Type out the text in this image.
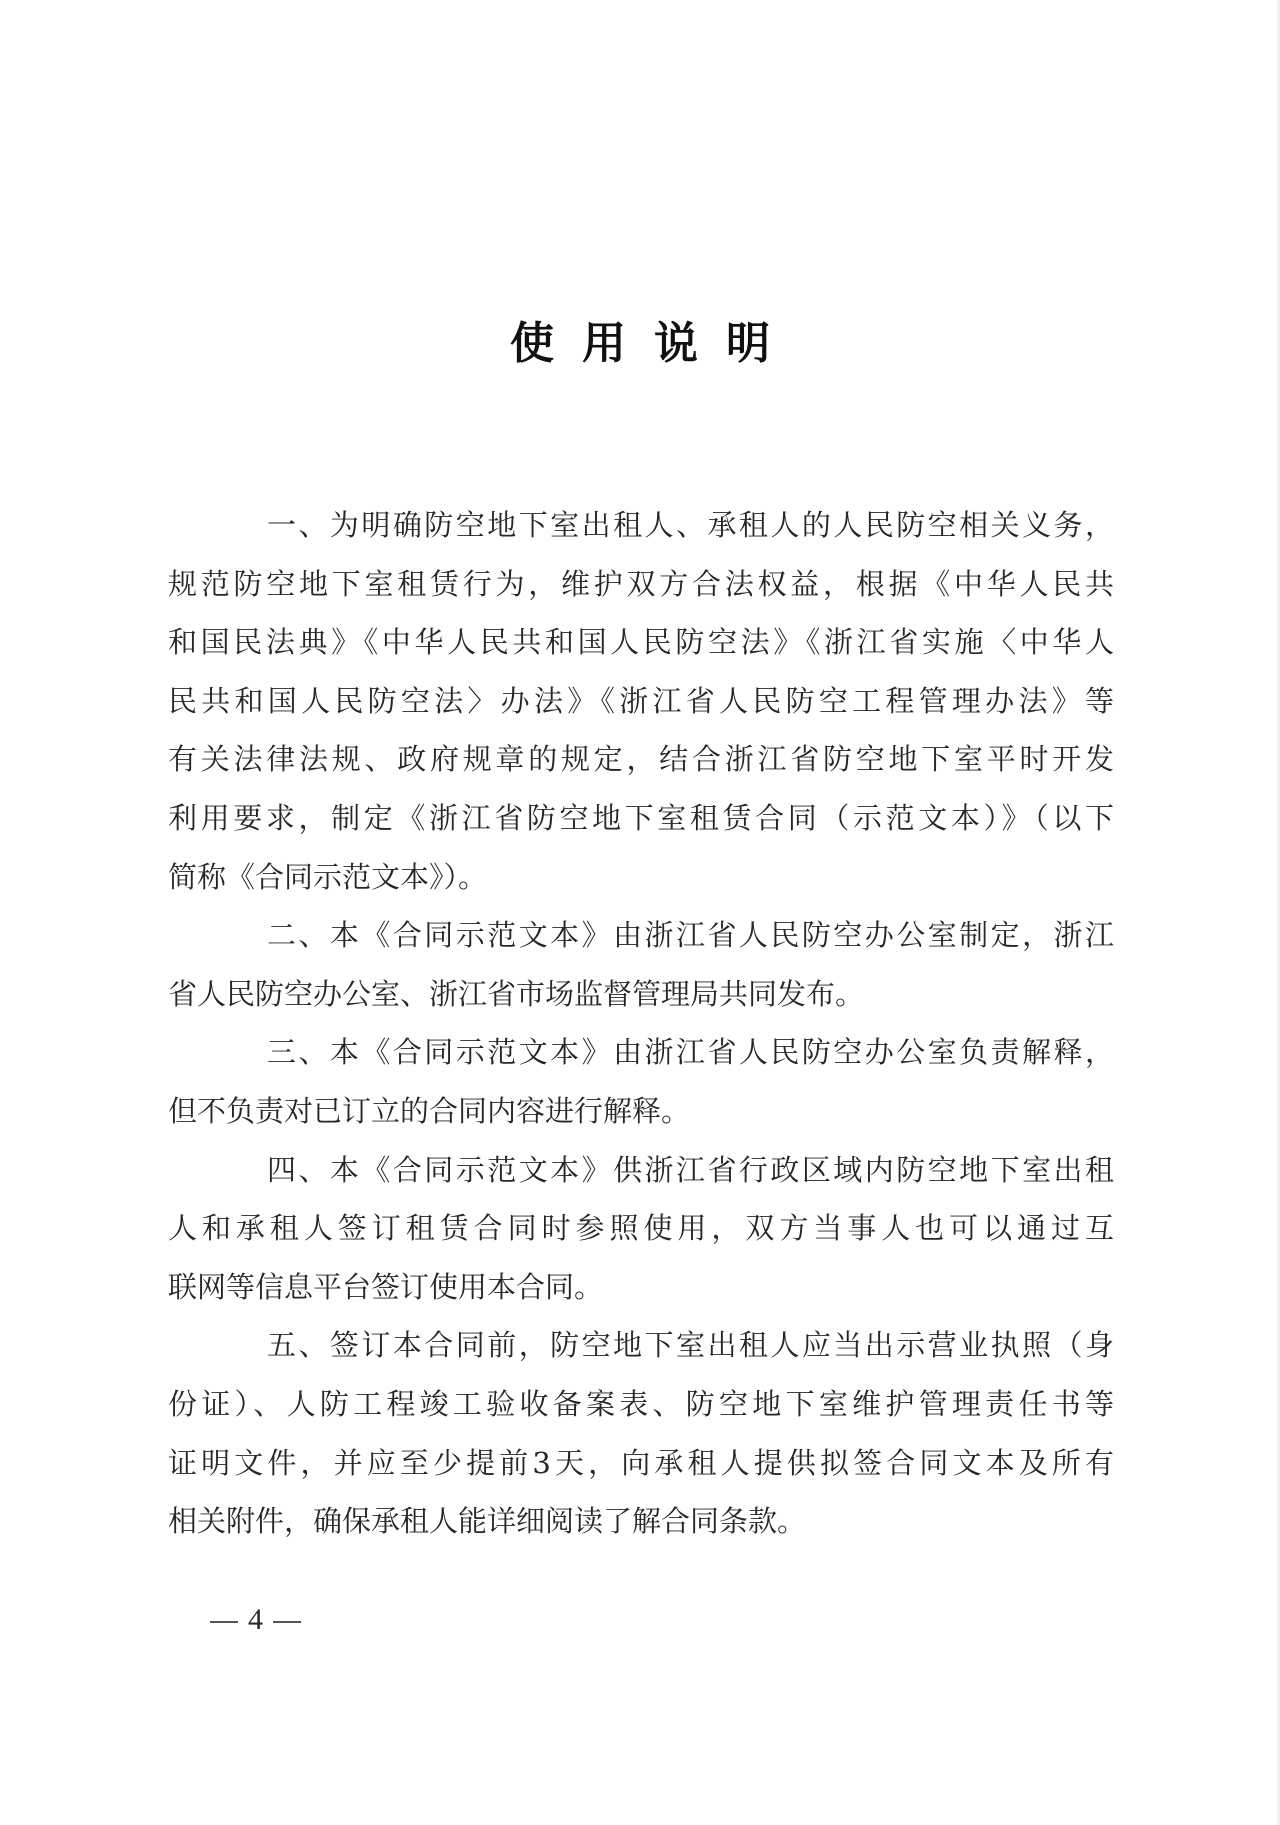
使用说明
一、为明确防空地下室出租人、承租人的人民防空相关义务，
规范防空地下室租赁行为，维护双方合法权益，根据《中华人民共
和国民法典》《中华人民共和国人民防空法》《浙江省实施〈中华人
民共和国人民防空法〉办法》《浙江省人民防空工程管理办法》等
有关法律法规、政府规章的规定，结合浙江省防空地下室平时开发
利用要求，制定《浙江省防空地下室租赁合同（示范文本）》（以下
简称《合同示范文本》）。
二、本《合同示范文本》由浙江省人民防空办公室制定，浙江
省人民防空办公室、浙江省市场监督管理局共同发布。
三、本《合同示范文本》由浙江省人民防空办公室负责解释，
但不负责对已订立的合同内容进行解释。
四、本《合同示范文本》供浙江省行政区域内防空地下室出租
人和承租人签订租赁合同时参照使用，双方当事人也可以通过互
联网等信息平台签订使用本合同。
五、签订本合同前，防空地下室出租人应当出示营业执照（身
份证）、人防工程竣工验收备案表、防空地下室维护管理责任书等
证明文件，并应至少提前3天，向承租人提供拟签合同文本及所有
相关附件，确保承租人能详细阅读了解合同条款。
4
